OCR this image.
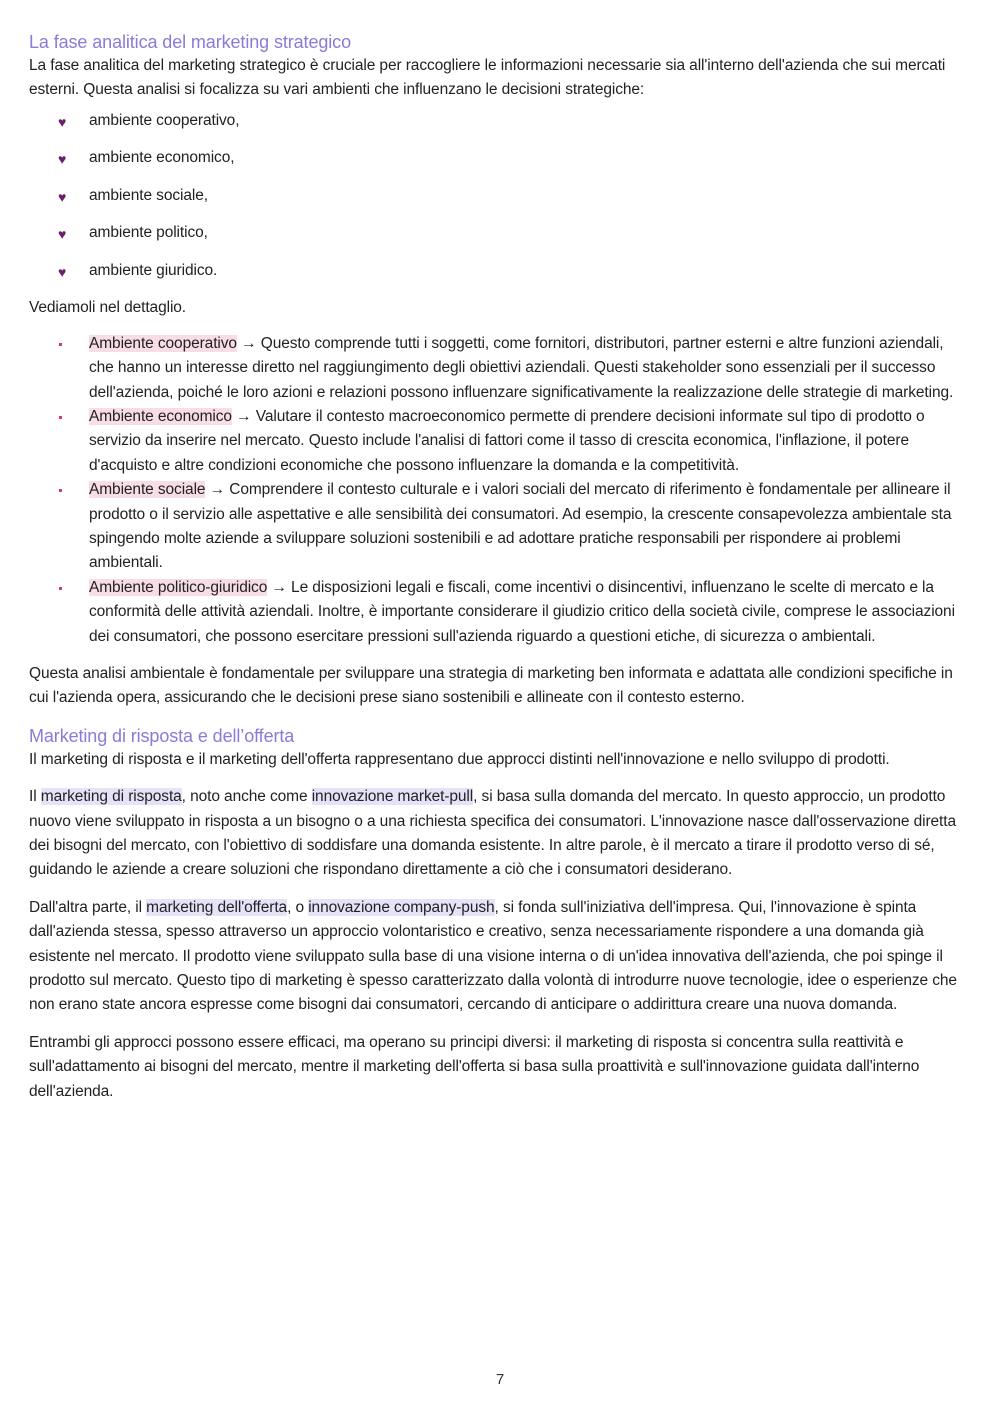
La fase analitica del marketing strategico

La fase analitica del marketing strategico è cruciale per raccogliere le informazioni necessarie sia all'interno dell'azienda che sui mercati esterni. Questa analisi si focalizza su vari ambienti che influenzano le decisioni strategiche:

♥ ambiente cooperativo,
♥ ambiente economico,
♥ ambiente sociale,
♥ ambiente politico,
♥ ambiente giuridico.

Vediamoli nel dettaglio.

Ambiente cooperativo → Questo comprende tutti i soggetti, come fornitori, distributori, partner esterni e altre funzioni aziendali, che hanno un interesse diretto nel raggiungimento degli obiettivi aziendali. Questi stakeholder sono essenziali per il successo dell'azienda, poiché le loro azioni e relazioni possono influenzare significativamente la realizzazione delle strategie di marketing.
Ambiente economico → Valutare il contesto macroeconomico permette di prendere decisioni informate sul tipo di prodotto o servizio da inserire nel mercato. Questo include l'analisi di fattori come il tasso di crescita economica, l'inflazione, il potere d'acquisto e altre condizioni economiche che possono influenzare la domanda e la competitività.
Ambiente sociale → Comprendere il contesto culturale e i valori sociali del mercato di riferimento è fondamentale per allineare il prodotto o il servizio alle aspettative e alle sensibilità dei consumatori. Ad esempio, la crescente consapevolezza ambientale sta spingendo molte aziende a sviluppare soluzioni sostenibili e ad adottare pratiche responsabili per rispondere ai problemi ambientali.
Ambiente politico-giuridico → Le disposizioni legali e fiscali, come incentivi o disincentivi, influenzano le scelte di mercato e la conformità delle attività aziendali. Inoltre, è importante considerare il giudizio critico della società civile, comprese le associazioni dei consumatori, che possono esercitare pressioni sull'azienda riguardo a questioni etiche, di sicurezza o ambientali.

Questa analisi ambientale è fondamentale per sviluppare una strategia di marketing ben informata e adattata alle condizioni specifiche in cui l'azienda opera, assicurando che le decisioni prese siano sostenibili e allineate con il contesto esterno.

Marketing di risposta e dell’offerta

Il marketing di risposta e il marketing dell'offerta rappresentano due approcci distinti nell'innovazione e nello sviluppo di prodotti.

Il marketing di risposta, noto anche come innovazione market-pull, si basa sulla domanda del mercato. In questo approccio, un prodotto nuovo viene sviluppato in risposta a un bisogno o a una richiesta specifica dei consumatori. L'innovazione nasce dall'osservazione diretta dei bisogni del mercato, con l'obiettivo di soddisfare una domanda esistente. In altre parole, è il mercato a tirare il prodotto verso di sé, guidando le aziende a creare soluzioni che rispondano direttamente a ciò che i consumatori desiderano.

Dall'altra parte, il marketing dell'offerta, o innovazione company-push, si fonda sull'iniziativa dell'impresa. Qui, l'innovazione è spinta dall'azienda stessa, spesso attraverso un approccio volontaristico e creativo, senza necessariamente rispondere a una domanda già esistente nel mercato. Il prodotto viene sviluppato sulla base di una visione interna o di un'idea innovativa dell'azienda, che poi spinge il prodotto sul mercato. Questo tipo di marketing è spesso caratterizzato dalla volontà di introdurre nuove tecnologie, idee o esperienze che non erano state ancora espresse come bisogni dai consumatori, cercando di anticipare o addirittura creare una nuova domanda.

Entrambi gli approcci possono essere efficaci, ma operano su principi diversi: il marketing di risposta si concentra sulla reattività e sull'adattamento ai bisogni del mercato, mentre il marketing dell'offerta si basa sulla proattività e sull'innovazione guidata dall'interno dell'azienda.

7
